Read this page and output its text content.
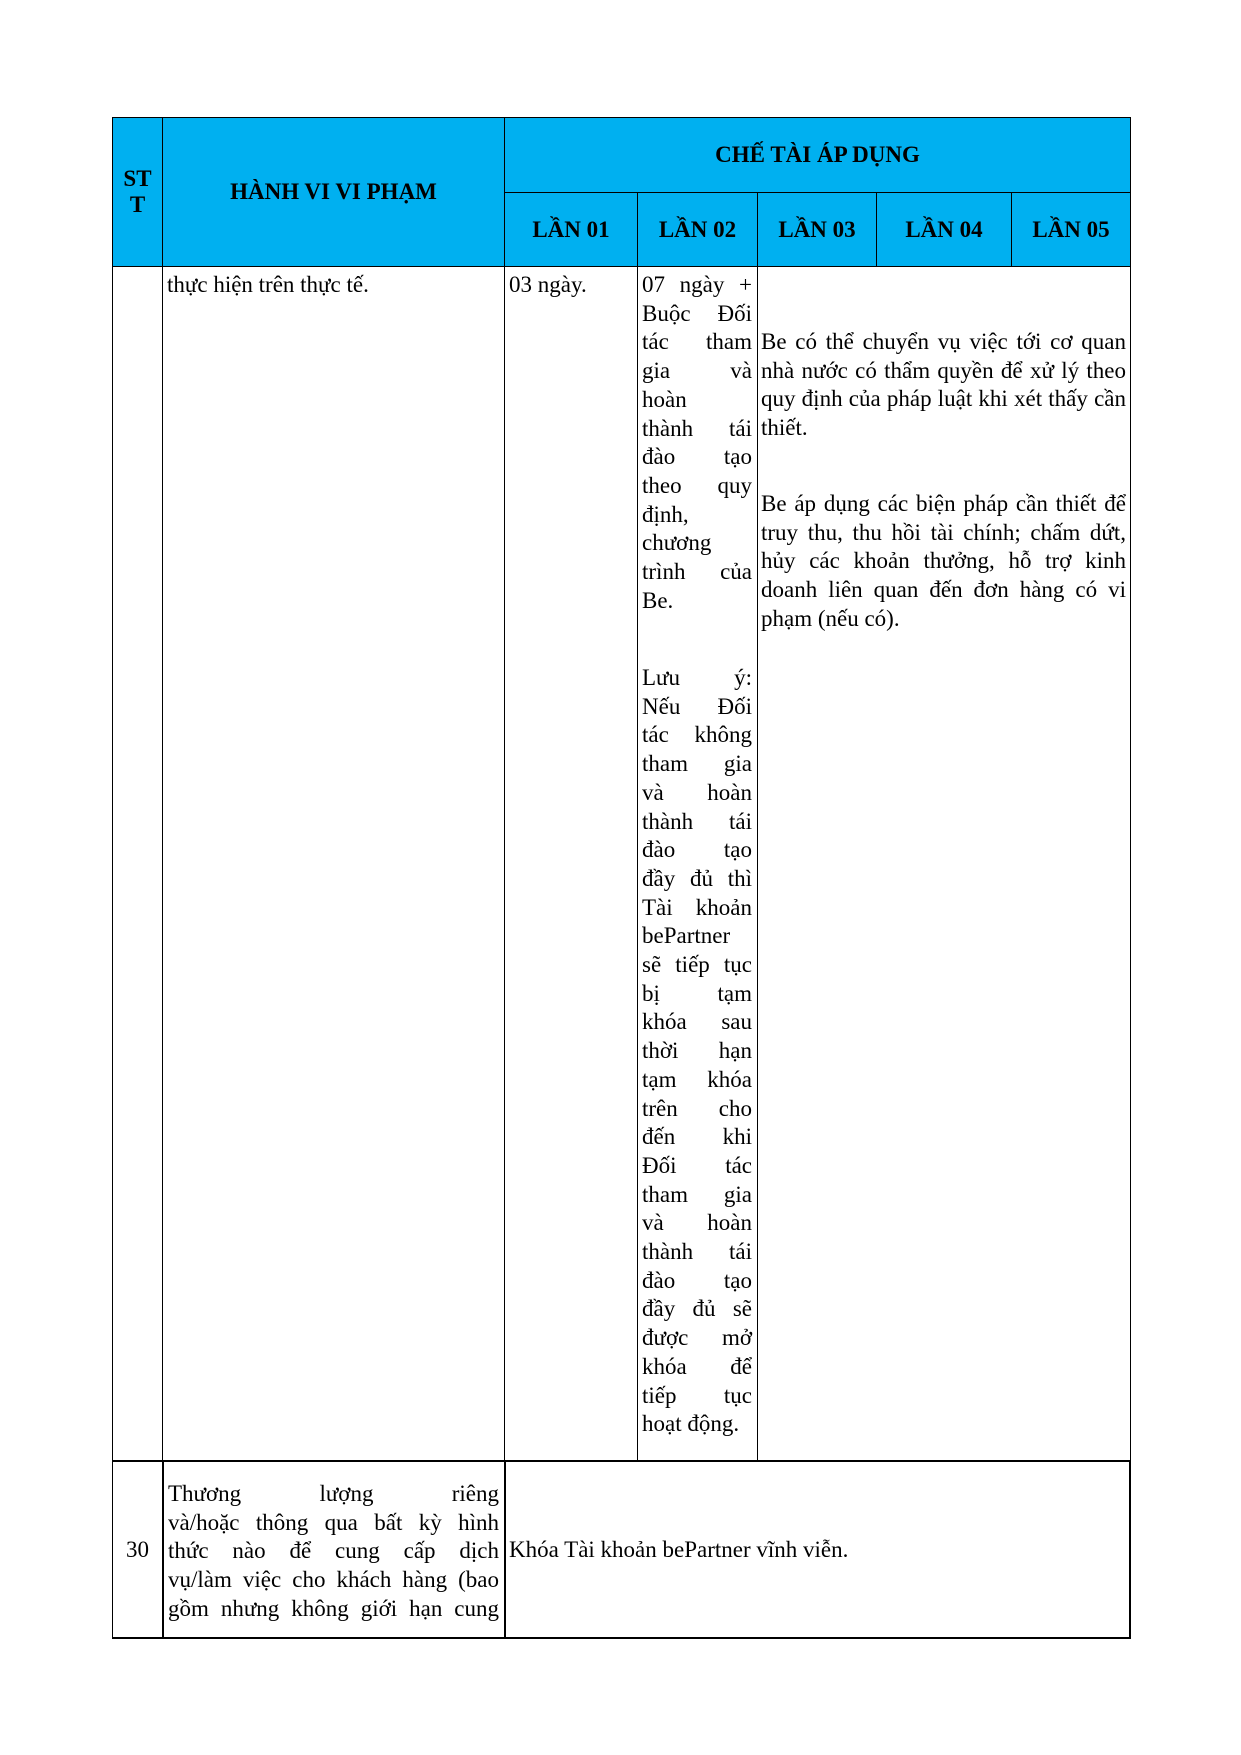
ST
T
HÀNH VI VI PHẠM
CHẾ TÀI ÁP DỤNG
LẦN 01 LẦN 02 LẦN 03 LẦN 04 LẦN 05
thực hiện trên thực tế.	03 ngày.	07 ngày +
Buộc Đối
tác tham
gia và
hoàn
thành tái
đào tạo
theo quy
định,
chương
trình của
Be.
Lưu ý:
Nếu Đối
tác không
tham gia
và hoàn
thành tái
đào tạo
đầy đủ thì
Tài khoản
bePartner
sẽ tiếp tục
bị tạm
khóa sau
thời hạn
tạm khóa
trên cho
đến khi
Đối tác
tham gia
và hoàn
thành tái
đào tạo
đầy đủ sẽ
được mở
khóa để
tiếp tục
hoạt động.
Be có thể chuyển vụ việc tới cơ quan nhà nước có thẩm quyền để xử lý theo quy định của pháp luật khi xét thấy cần thiết.
Be áp dụng các biện pháp cần thiết để truy thu, thu hồi tài chính; chấm dứt, hủy các khoản thưởng, hỗ trợ kinh doanh liên quan đến đơn hàng có vi phạm (nếu có).
30
Thương lượng riêng
và/hoặc thông qua bất kỳ hình
thức nào để cung cấp dịch
vụ/làm việc cho khách hàng (bao
gồm nhưng không giới hạn cung
Khóa Tài khoản bePartner vĩnh viễn.
